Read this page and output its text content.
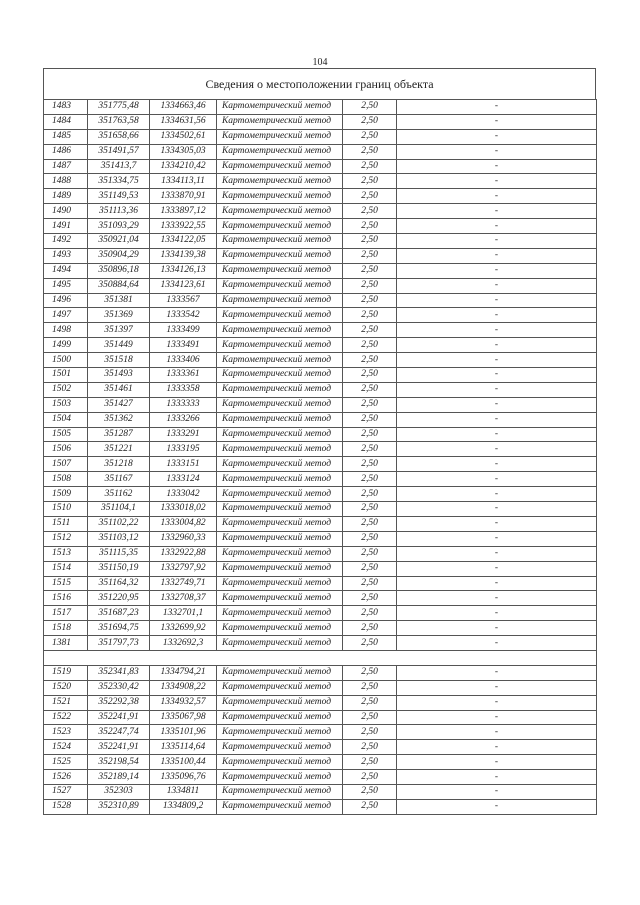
104
Сведения о местоположении границ объекта
1483	351775,48	1334663,46	Картометрический метод	2,50	-
1484	351763,58	1334631,56	Картометрический метод	2,50	-
1485	351658,66	1334502,61	Картометрический метод	2,50	-
1486	351491,57	1334305,03	Картометрический метод	2,50	-
1487	351413,7	1334210,42	Картометрический метод	2,50	-
1488	351334,75	1334113,11	Картометрический метод	2,50	-
1489	351149,53	1333870,91	Картометрический метод	2,50	-
1490	351113,36	1333897,12	Картометрический метод	2,50	-
1491	351093,29	1333922,55	Картометрический метод	2,50	-
1492	350921,04	1334122,05	Картометрический метод	2,50	-
1493	350904,29	1334139,38	Картометрический метод	2,50	-
1494	350896,18	1334126,13	Картометрический метод	2,50	-
1495	350884,64	1334123,61	Картометрический метод	2,50	-
1496	351381	1333567	Картометрический метод	2,50	-
1497	351369	1333542	Картометрический метод	2,50	-
1498	351397	1333499	Картометрический метод	2,50	-
1499	351449	1333491	Картометрический метод	2,50	-
1500	351518	1333406	Картометрический метод	2,50	-
1501	351493	1333361	Картометрический метод	2,50	-
1502	351461	1333358	Картометрический метод	2,50	-
1503	351427	1333333	Картометрический метод	2,50	-
1504	351362	1333266	Картометрический метод	2,50	-
1505	351287	1333291	Картометрический метод	2,50	-
1506	351221	1333195	Картометрический метод	2,50	-
1507	351218	1333151	Картометрический метод	2,50	-
1508	351167	1333124	Картометрический метод	2,50	-
1509	351162	1333042	Картометрический метод	2,50	-
1510	351104,1	1333018,02	Картометрический метод	2,50	-
1511	351102,22	1333004,82	Картометрический метод	2,50	-
1512	351103,12	1332960,33	Картометрический метод	2,50	-
1513	351115,35	1332922,88	Картометрический метод	2,50	-
1514	351150,19	1332797,92	Картометрический метод	2,50	-
1515	351164,32	1332749,71	Картометрический метод	2,50	-
1516	351220,95	1332708,37	Картометрический метод	2,50	-
1517	351687,23	1332701,1	Картометрический метод	2,50	-
1518	351694,75	1332699,92	Картометрический метод	2,50	-
1381	351797,73	1332692,3	Картометрический метод	2,50	-

1519	352341,83	1334794,21	Картометрический метод	2,50	-
1520	352330,42	1334908,22	Картометрический метод	2,50	-
1521	352292,38	1334932,57	Картометрический метод	2,50	-
1522	352241,91	1335067,98	Картометрический метод	2,50	-
1523	352247,74	1335101,96	Картометрический метод	2,50	-
1524	352241,91	1335114,64	Картометрический метод	2,50	-
1525	352198,54	1335100,44	Картометрический метод	2,50	-
1526	352189,14	1335096,76	Картометрический метод	2,50	-
1527	352303	1334811	Картометрический метод	2,50	-
1528	352310,89	1334809,2	Картометрический метод	2,50	-
